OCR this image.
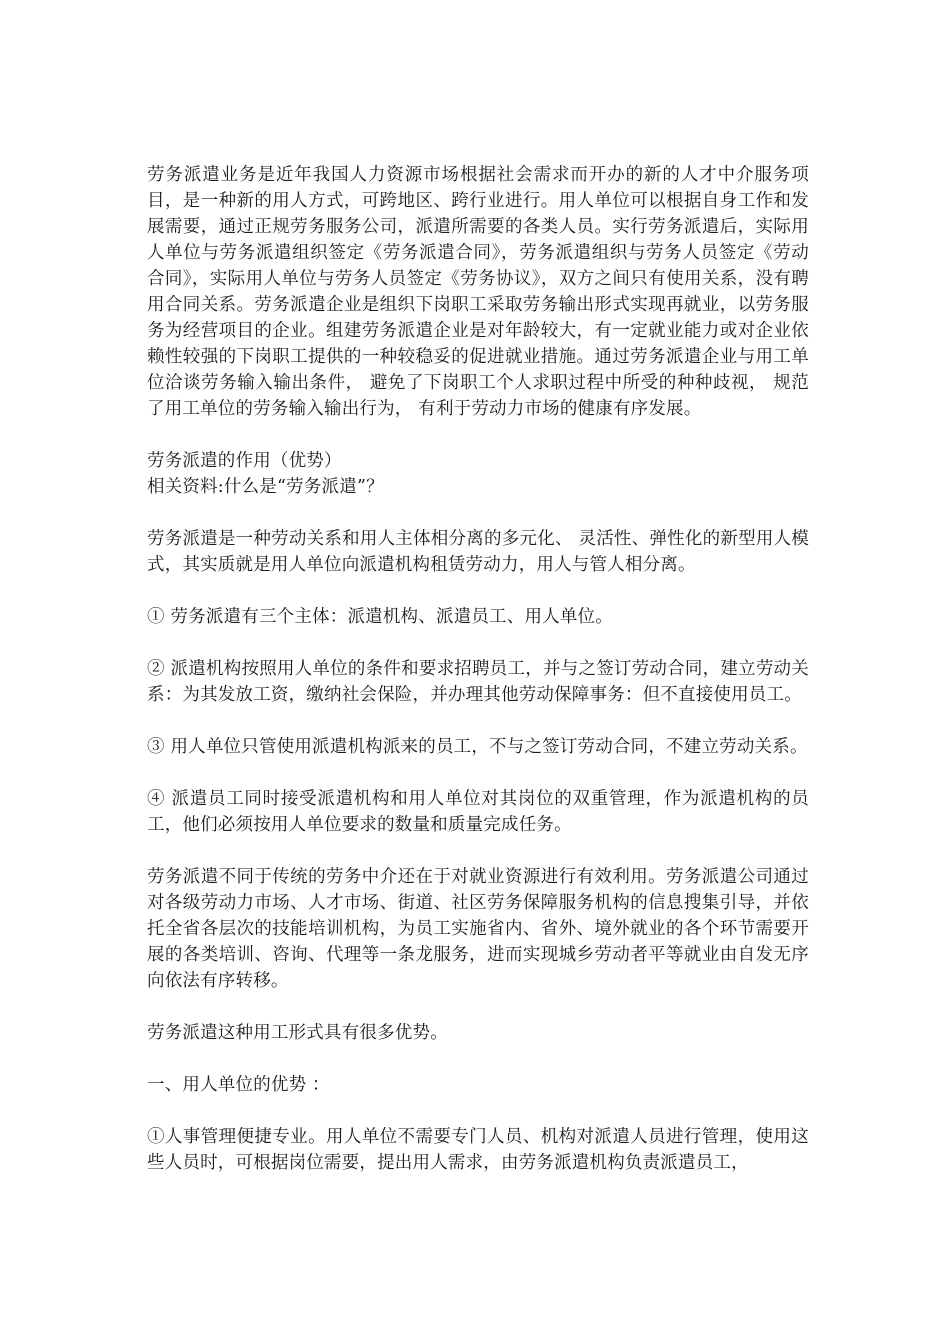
劳务派遣业务是近年我国人力资源市场根据社会需求而开办的新的人才中介服务项目，是一种新的用人方式，可跨地区、跨行业进行。用人单位可以根据自身工作和发展需要，通过正规劳务服务公司，派遣所需要的各类人员。实行劳务派遣后，实际用人单位与劳务派遣组织签定《劳务派遣合同》，劳务派遣组织与劳务人员签定《劳动合同》，实际用人单位与劳务人员签定《劳务协议》，双方之间只有使用关系，没有聘用合同关系。劳务派遣企业是组织下岗职工采取劳务输出形式实现再就业，以劳务服务为经营项目的企业。组建劳务派遣企业是对年龄较大，有一定就业能力或对企业依赖性较强的下岗职工提供的一种较稳妥的促进就业措施。通过劳务派遣企业与用工单位洽谈劳务输入输出条件， 避免了下岗职工个人求职过程中所受的种种歧视， 规范了用工单位的劳务输入输出行为， 有利于劳动力市场的健康有序发展。

劳务派遣的作用（优势）

相关资料:什么是“劳务派遣”？

劳务派遣是一种劳动关系和用人主体相分离的多元化、 灵活性、弹性化的新型用人模式，其实质就是用人单位向派遣机构租赁劳动力，用人与管人相分离。

① 劳务派遣有三个主体：派遣机构、派遣员工、用人单位。

② 派遣机构按照用人单位的条件和要求招聘员工，并与之签订劳动合同，建立劳动关系：为其发放工资，缴纳社会保险，并办理其他劳动保障事务：但不直接使用员工。

③ 用人单位只管使用派遣机构派来的员工，不与之签订劳动合同，不建立劳动关系。

④ 派遣员工同时接受派遣机构和用人单位对其岗位的双重管理，作为派遣机构的员工，他们必须按用人单位要求的数量和质量完成任务。

劳务派遣不同于传统的劳务中介还在于对就业资源进行有效利用。劳务派遣公司通过对各级劳动力市场、人才市场、街道、社区劳务保障服务机构的信息搜集引导，并依托全省各层次的技能培训机构，为员工实施省内、省外、境外就业的各个环节需要开展的各类培训、咨询、代理等一条龙服务，进而实现城乡劳动者平等就业由自发无序向依法有序转移。

劳务派遣这种用工形式具有很多优势。

一、用人单位的优势 ：

①人事管理便捷专业。用人单位不需要专门人员、机构对派遣人员进行管理，使用这些人员时，可根据岗位需要，提出用人需求，由劳务派遣机构负责派遣员工，
